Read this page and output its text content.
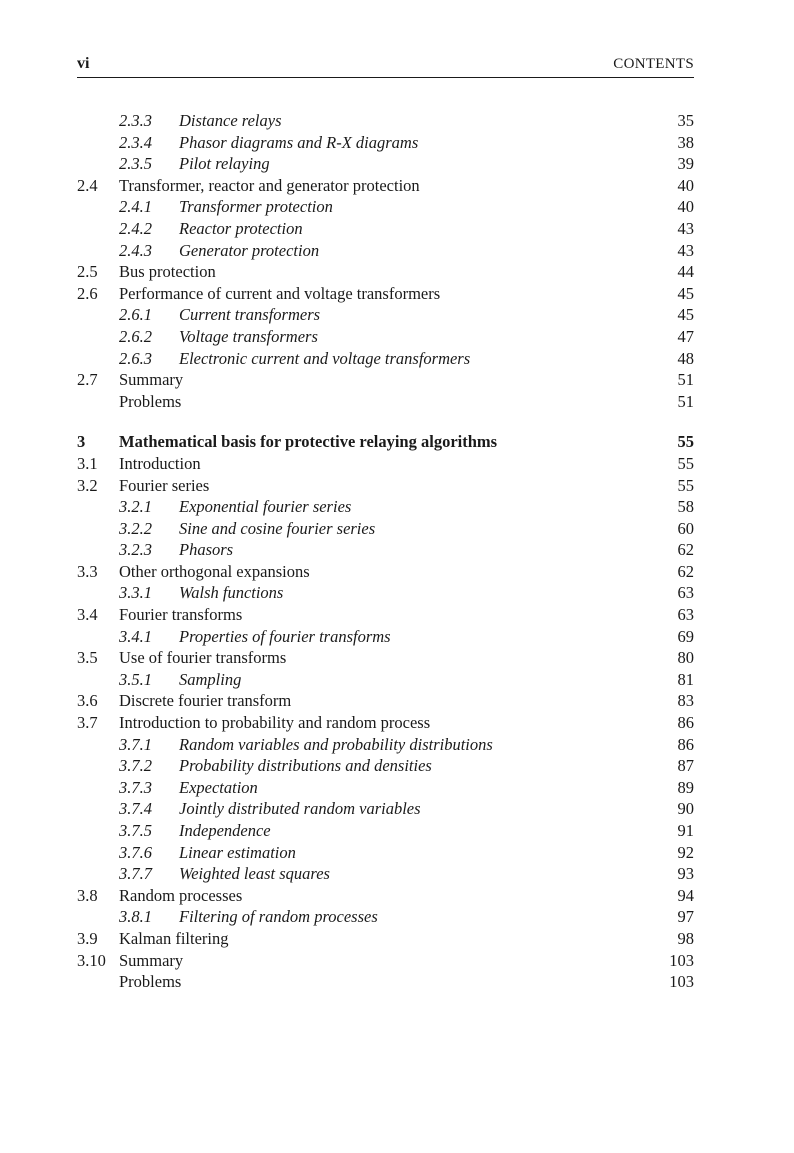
vi	CONTENTS
2.3.3 Distance relays	35
2.3.4 Phasor diagrams and R-X diagrams	38
2.3.5 Pilot relaying	39
2.4 Transformer, reactor and generator protection	40
2.4.1 Transformer protection	40
2.4.2 Reactor protection	43
2.4.3 Generator protection	43
2.5 Bus protection	44
2.6 Performance of current and voltage transformers	45
2.6.1 Current transformers	45
2.6.2 Voltage transformers	47
2.6.3 Electronic current and voltage transformers	48
2.7 Summary	51
Problems	51
3 Mathematical basis for protective relaying algorithms	55
3.1 Introduction	55
3.2 Fourier series	55
3.2.1 Exponential fourier series	58
3.2.2 Sine and cosine fourier series	60
3.2.3 Phasors	62
3.3 Other orthogonal expansions	62
3.3.1 Walsh functions	63
3.4 Fourier transforms	63
3.4.1 Properties of fourier transforms	69
3.5 Use of fourier transforms	80
3.5.1 Sampling	81
3.6 Discrete fourier transform	83
3.7 Introduction to probability and random process	86
3.7.1 Random variables and probability distributions	86
3.7.2 Probability distributions and densities	87
3.7.3 Expectation	89
3.7.4 Jointly distributed random variables	90
3.7.5 Independence	91
3.7.6 Linear estimation	92
3.7.7 Weighted least squares	93
3.8 Random processes	94
3.8.1 Filtering of random processes	97
3.9 Kalman filtering	98
3.10 Summary	103
Problems	103
